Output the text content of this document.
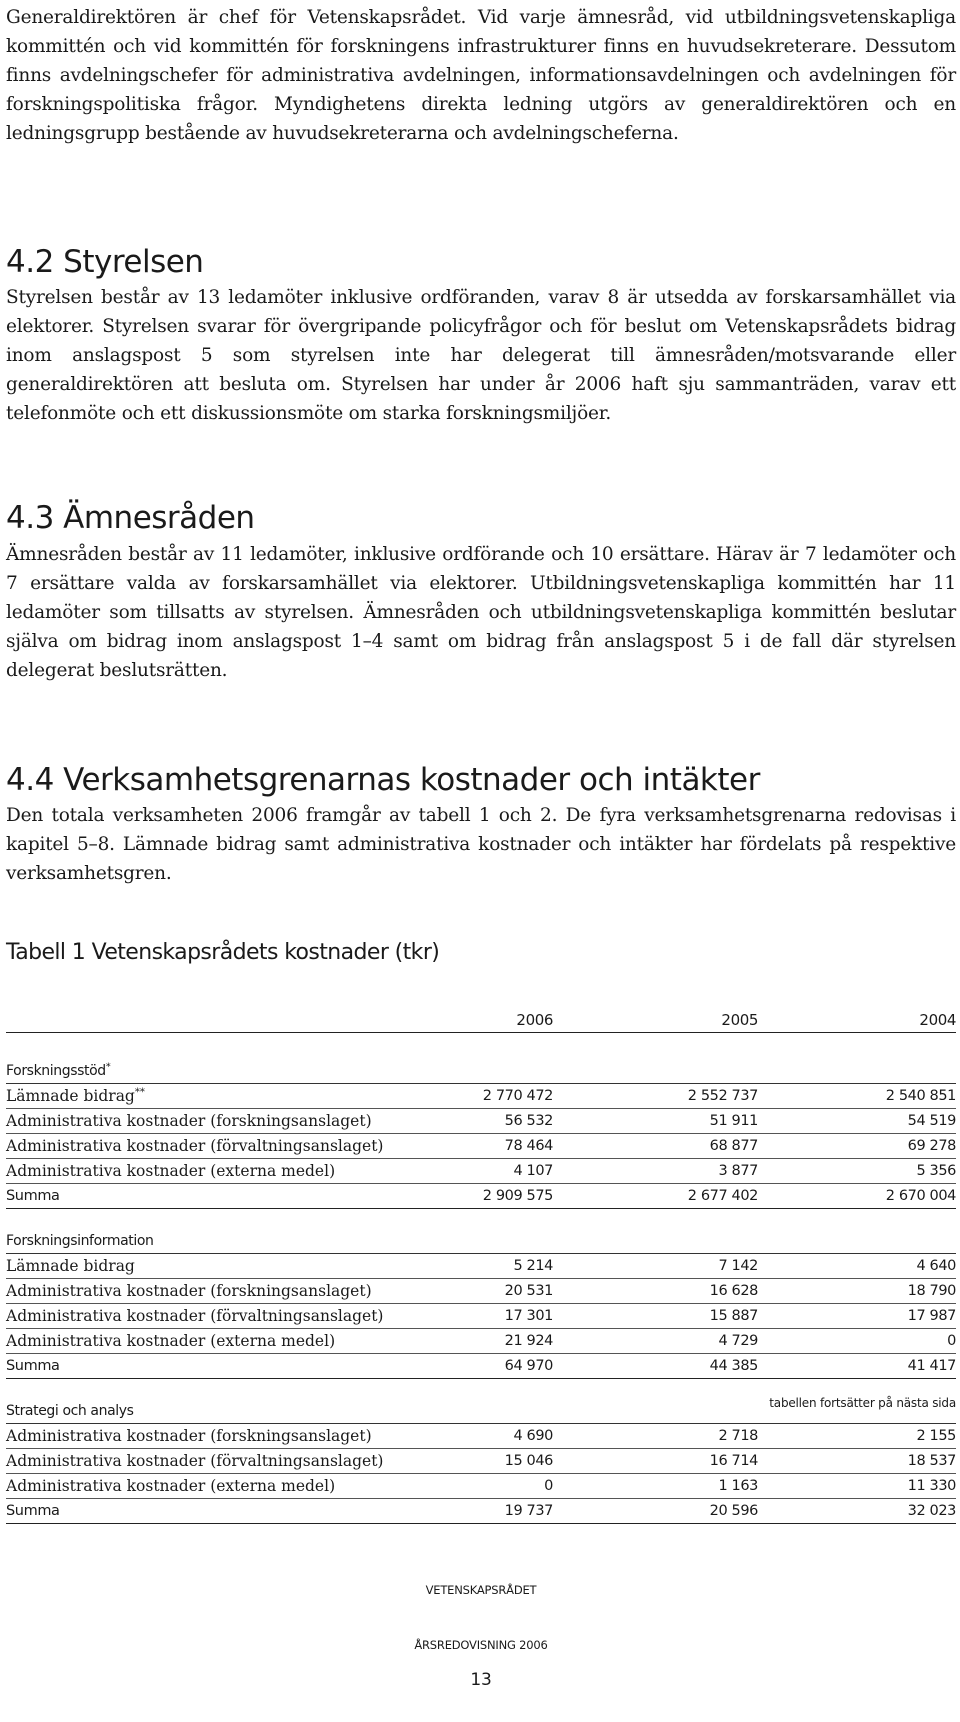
Generaldirektören är chef för Vetenskapsrådet. Vid varje ämnesråd, vid utbildningsvetenskapliga kommittén och vid kommittén för forskningens infrastrukturer finns en huvudsekreterare. Dessutom finns avdelningschefer för administrativa avdelningen, informationsavdelningen och avdelningen för forskningspolitiska frågor. Myndighetens direkta ledning utgörs av generaldirektören och en ledningsgrupp bestående av huvudsekreterarna och avdelningscheferna.

4.2 Styrelsen

Styrelsen består av 13 ledamöter inklusive ordföranden, varav 8 är utsedda av forskarsamhället via elektorer. Styrelsen svarar för övergripande policyfrågor och för beslut om Vetenskapsrådets bidrag inom anslagspost 5 som styrelsen inte har delegerat till ämnesråden/motsvarande eller generaldirektören att besluta om. Styrelsen har under år 2006 haft sju sammanträden, varav ett telefonmöte och ett diskussionsmöte om starka forskningsmiljöer.

4.3 Ämnesråden

Ämnesråden består av 11 ledamöter, inklusive ordförande och 10 ersättare. Härav är 7 ledamöter och 7 ersättare valda av forskarsamhället via elektorer. Utbildningsvetenskapliga kommittén har 11 ledamöter som tillsatts av styrelsen. Ämnesråden och utbildningsvetenskapliga kommittén beslutar själva om bidrag inom anslagspost 1–4 samt om bidrag från anslagspost 5 i de fall där styrelsen delegerat beslutsrätten.

4.4 Verksamhetsgrenarnas kostnader och intäkter

Den totala verksamheten 2006 framgår av tabell 1 och 2. De fyra verksamhetsgrenarna redovisas i kapitel 5–8. Lämnade bidrag samt administrativa kostnader och intäkter har fördelats på respektive verksamhetsgren.

Tabell 1 Vetenskapsrådets kostnader (tkr)
	2006	2005	2004

Forskningsstöd*			
Lämnade bidrag**	2 770 472	2 552 737	2 540 851
Administrativa kostnader (forskningsanslaget)	56 532	51 911	54 519
Administrativa kostnader (förvaltningsanslaget)	78 464	68 877	69 278
Administrativa kostnader (externa medel)	4 107	3 877	5 356
Summa	2 909 575	2 677 402	2 670 004

Forskningsinformation			
Lämnade bidrag	5 214	7 142	4 640
Administrativa kostnader (forskningsanslaget)	20 531	16 628	18 790
Administrativa kostnader (förvaltningsanslaget)	17 301	15 887	17 987
Administrativa kostnader (externa medel)	21 924	4 729	0
Summa	64 970	44 385	41 417

Strategi och analys			
Administrativa kostnader (forskningsanslaget)	4 690	2 718	2 155
Administrativa kostnader (förvaltningsanslaget)	15 046	16 714	18 537
Administrativa kostnader (externa medel)	0	1 163	11 330
Summa	19 737	20 596	32 023
tabellen fortsätter på nästa sida
VETENSKAPSRÅDET
ÅRSREDOVISNING 2006
13
